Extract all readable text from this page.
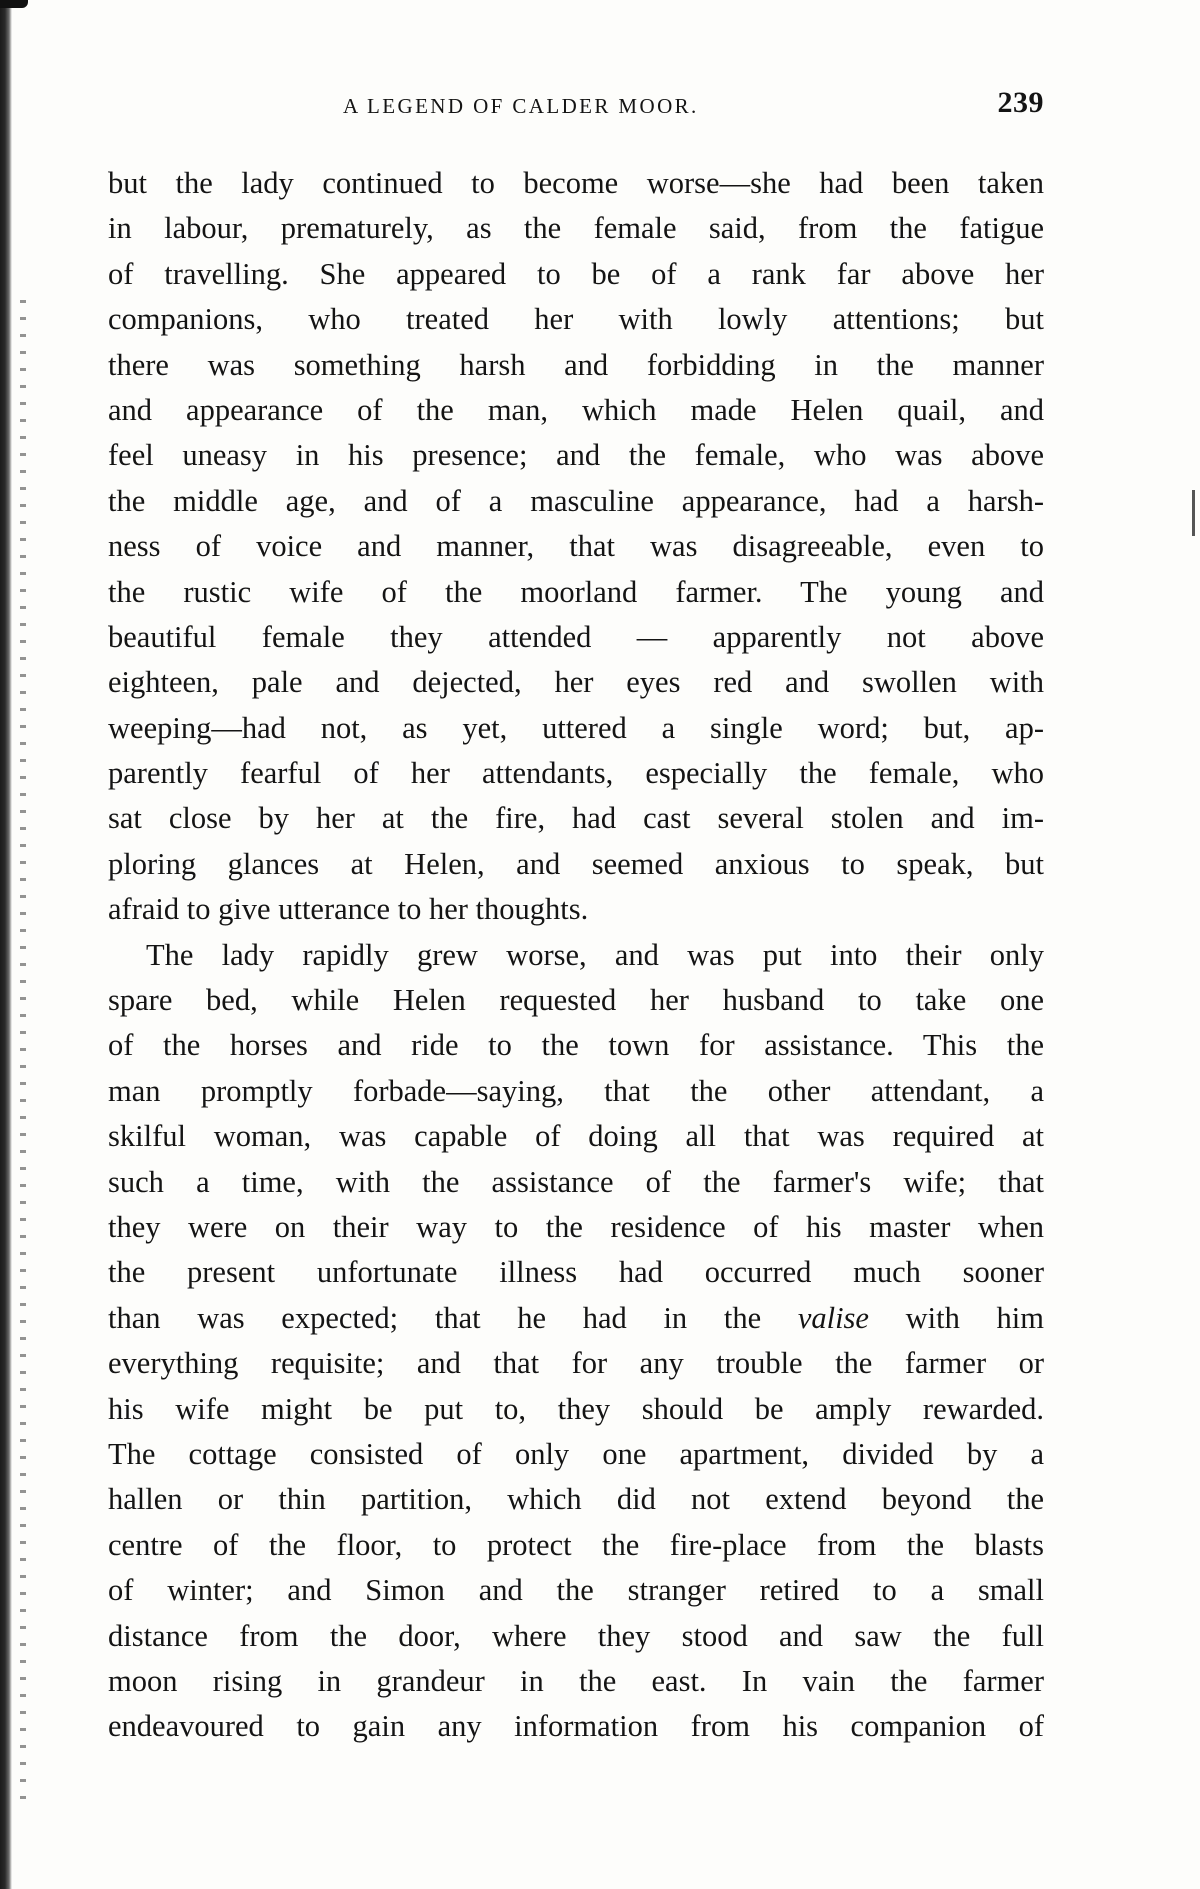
A LEGEND OF CALDER MOOR.	239
but the lady continued to become worse—she had been taken
in labour, prematurely, as the female said, from the fatigue
of travelling. She appeared to be of a rank far above her
companions, who treated her with lowly attentions; but
there was something harsh and forbidding in the manner
and appearance of the man, which made Helen quail, and
feel uneasy in his presence; and the female, who was above
the middle age, and of a masculine appearance, had a harsh-
ness of voice and manner, that was disagreeable, even to
the rustic wife of the moorland farmer. The young and
beautiful female they attended — apparently not above
eighteen, pale and dejected, her eyes red and swollen with
weeping—had not, as yet, uttered a single word; but, ap-
parently fearful of her attendants, especially the female, who
sat close by her at the fire, had cast several stolen and im-
ploring glances at Helen, and seemed anxious to speak, but
afraid to give utterance to her thoughts.
The lady rapidly grew worse, and was put into their only
spare bed, while Helen requested her husband to take one
of the horses and ride to the town for assistance. This the
man promptly forbade—saying, that the other attendant, a
skilful woman, was capable of doing all that was required at
such a time, with the assistance of the farmer's wife; that
they were on their way to the residence of his master when
the present unfortunate illness had occurred much sooner
than was expected; that he had in the valise with him
everything requisite; and that for any trouble the farmer or
his wife might be put to, they should be amply rewarded.
The cottage consisted of only one apartment, divided by a
hallen or thin partition, which did not extend beyond the
centre of the floor, to protect the fire-place from the blasts
of winter; and Simon and the stranger retired to a small
distance from the door, where they stood and saw the full
moon rising in grandeur in the east. In vain the farmer
endeavoured to gain any information from his companion of
